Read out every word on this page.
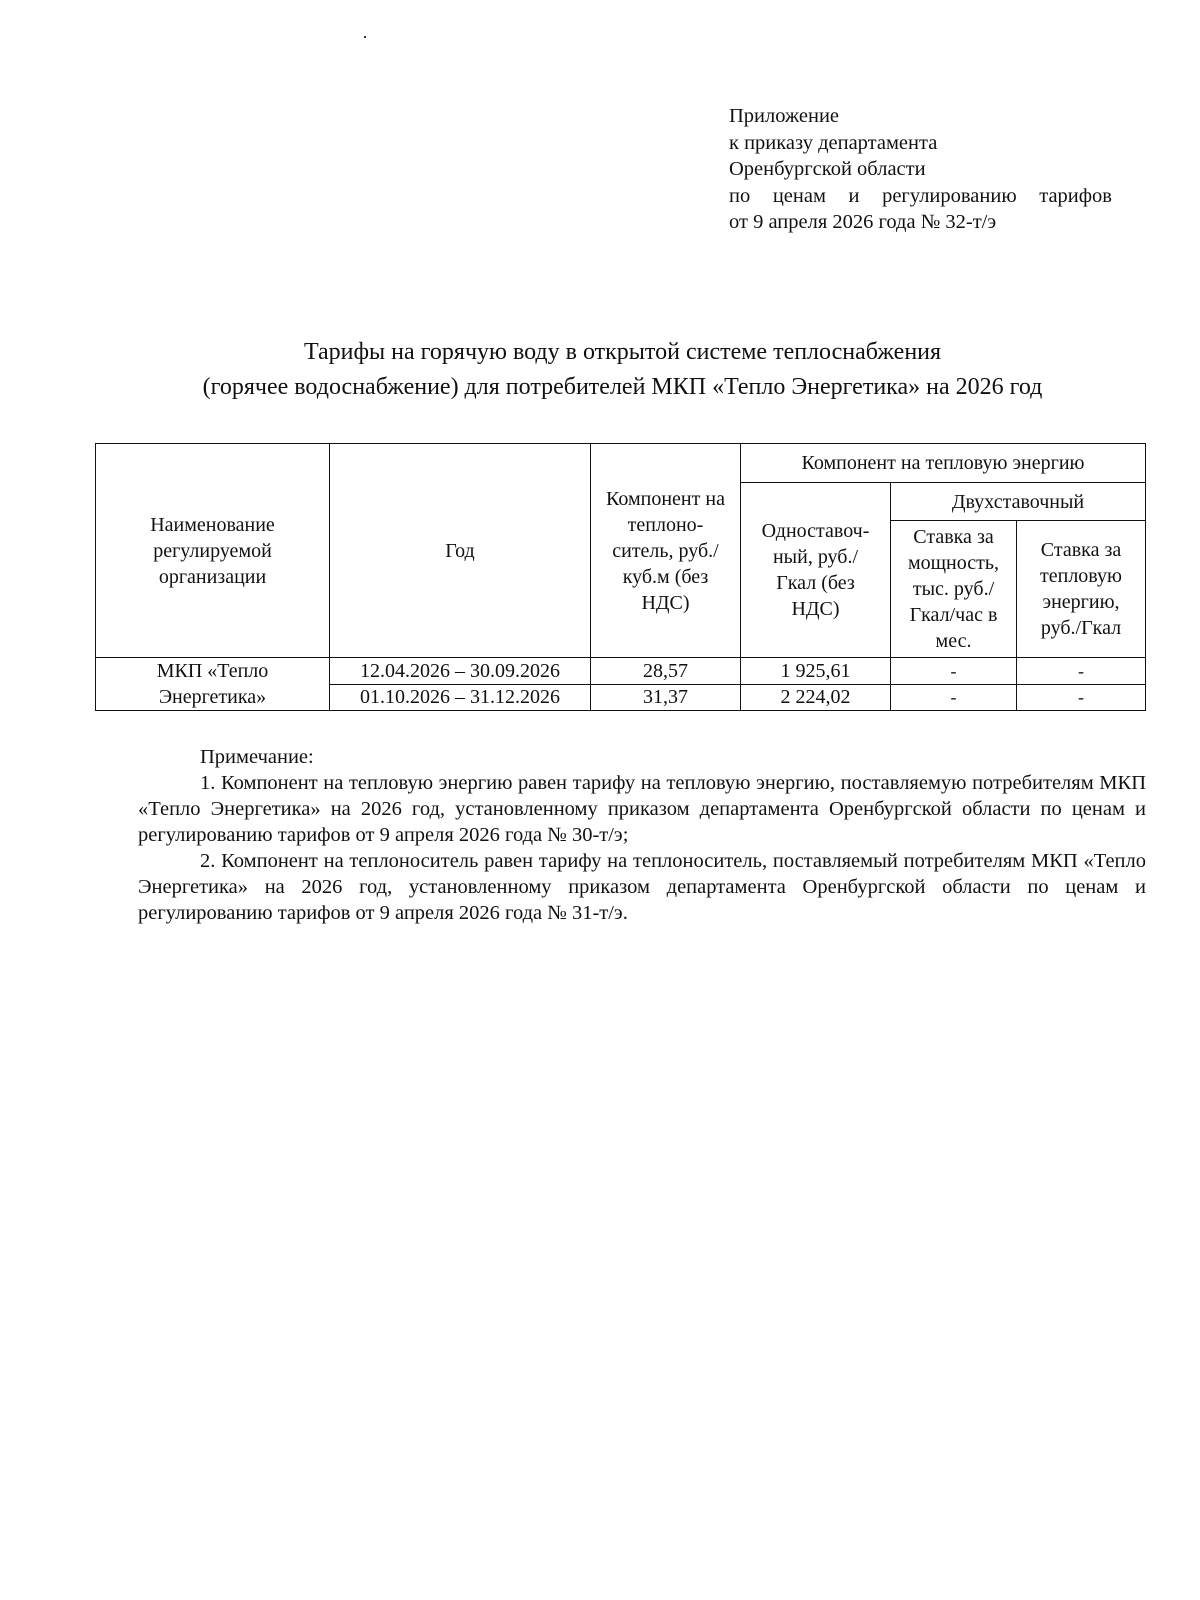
Приложение
к приказу департамента
Оренбургской области
по ценам и регулированию тарифов
от 9 апреля 2026 года № 32-т/э
Тарифы на горячую воду в открытой системе теплоснабжения
(горячее водоснабжение) для потребителей МКП «Тепло Энергетика» на 2026 год
Наименование регулируемой организации	Год	Компонент на теплоно-ситель, руб./куб.м (без НДС)	Компонент на тепловую энергию		
			Одноставоч-ный, руб./Гкал (без НДС)	Двухставочный	
				Ставка за мощность, тыс. руб./ Гкал/час в мес.	Ставка за тепловую энергию, руб./Гкал
МКП «Тепло Энергетика»	12.04.2026 – 30.09.2026	28,57	1 925,61	-	-
	01.10.2026 – 31.12.2026	31,37	2 224,02	-	-
Примечание:
1. Компонент на тепловую энергию равен тарифу на тепловую энергию, поставляемую потребителям МКП «Тепло Энергетика» на 2026 год, установленному приказом департамента Оренбургской области по ценам и регулированию тарифов от 9 апреля 2026 года № 30-т/э;
2. Компонент на теплоноситель равен тарифу на теплоноситель, поставляемый потребителям МКП «Тепло Энергетика» на 2026 год, установленному приказом департамента Оренбургской области по ценам и регулированию тарифов от 9 апреля 2026 года № 31-т/э.
